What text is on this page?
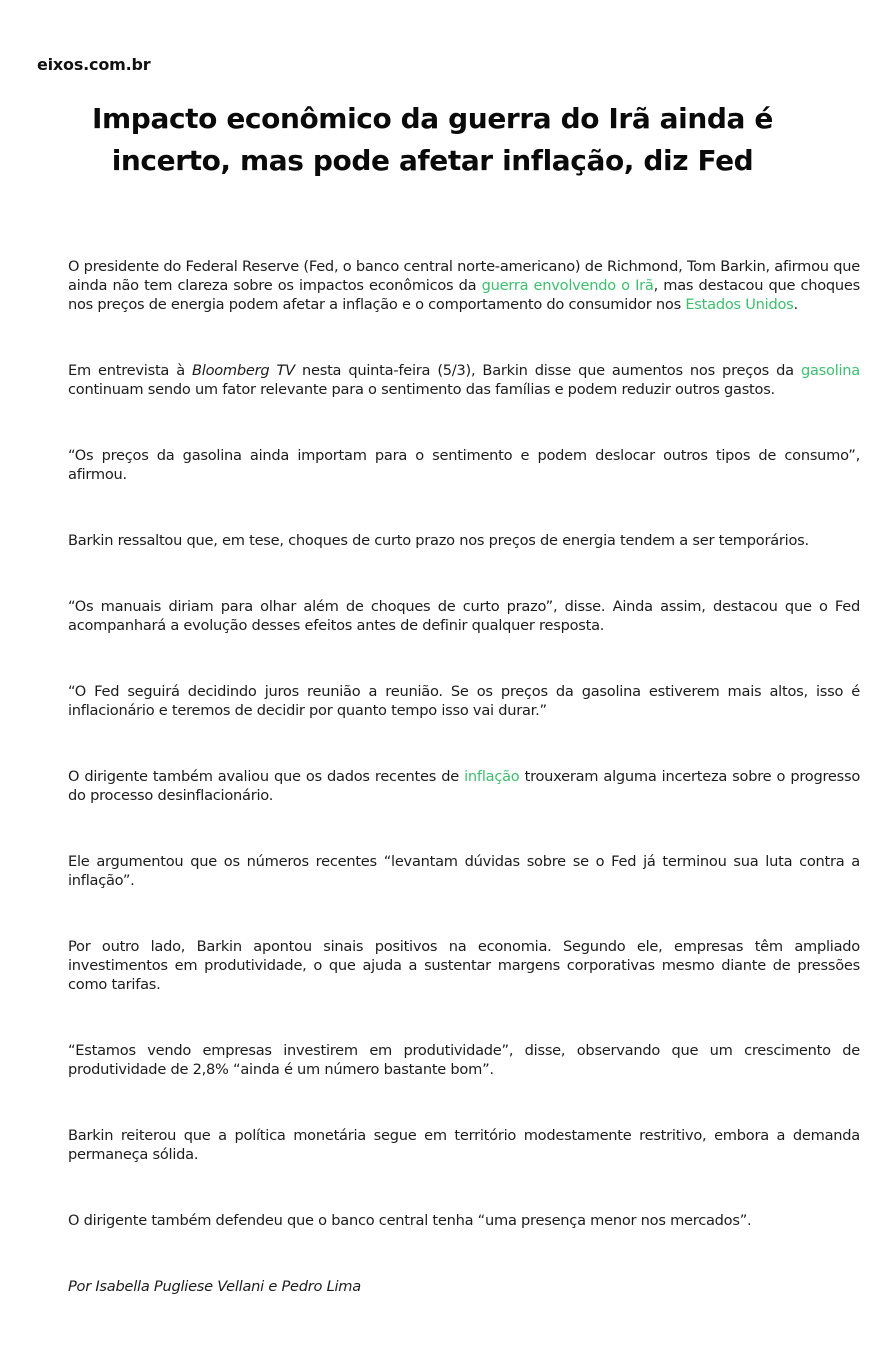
eixos.com.br
Impacto econômico da guerra do Irã ainda é incerto, mas pode afetar inflação, diz Fed

O presidente do Federal Reserve (Fed, o banco central norte-americano) de Richmond, Tom Barkin, afirmou que ainda não tem clareza sobre os impactos econômicos da guerra envolvendo o Irã, mas destacou que choques nos preços de energia podem afetar a inflação e o comportamento do consumidor nos Estados Unidos.

Em entrevista à Bloomberg TV nesta quinta-feira (5/3), Barkin disse que aumentos nos preços da gasolina continuam sendo um fator relevante para o sentimento das famílias e podem reduzir outros gastos.

“Os preços da gasolina ainda importam para o sentimento e podem deslocar outros tipos de consumo”, afirmou.

Barkin ressaltou que, em tese, choques de curto prazo nos preços de energia tendem a ser temporários.

“Os manuais diriam para olhar além de choques de curto prazo”, disse. Ainda assim, destacou que o Fed acompanhará a evolução desses efeitos antes de definir qualquer resposta.

“O Fed seguirá decidindo juros reunião a reunião. Se os preços da gasolina estiverem mais altos, isso é inflacionário e teremos de decidir por quanto tempo isso vai durar.”

O dirigente também avaliou que os dados recentes de inflação trouxeram alguma incerteza sobre o progresso do processo desinflacionário.

Ele argumentou que os números recentes “levantam dúvidas sobre se o Fed já terminou sua luta contra a inflação”.

Por outro lado, Barkin apontou sinais positivos na economia. Segundo ele, empresas têm ampliado investimentos em produtividade, o que ajuda a sustentar margens corporativas mesmo diante de pressões como tarifas.

“Estamos vendo empresas investirem em produtividade”, disse, observando que um crescimento de produtividade de 2,8% “ainda é um número bastante bom”.

Barkin reiterou que a política monetária segue em território modestamente restritivo, embora a demanda permaneça sólida.

O dirigente também defendeu que o banco central tenha “uma presença menor nos mercados”.

Por Isabella Pugliese Vellani e Pedro Lima
